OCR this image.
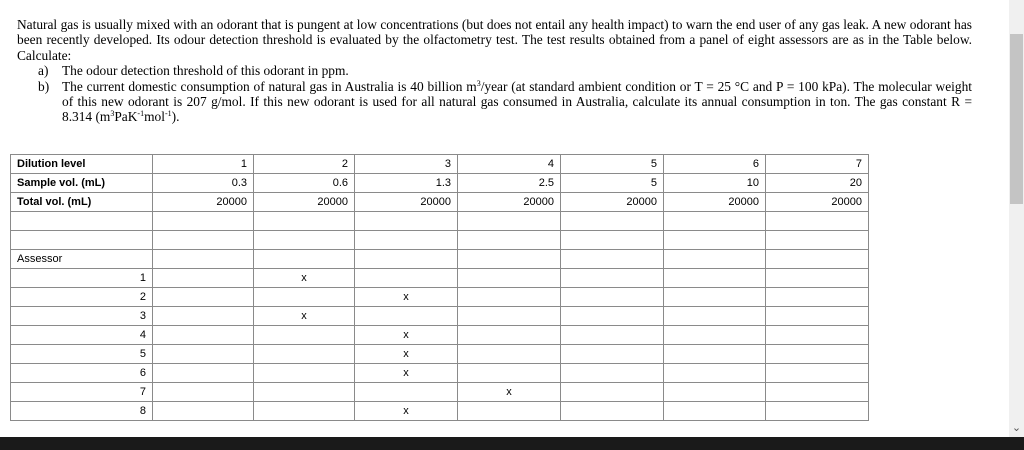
Natural gas is usually mixed with an odorant that is pungent at low concentrations (but does not entail any health impact) to warn the end user of any gas leak. A new odorant has been recently developed. Its odour detection threshold is evaluated by the olfactometry test. The test results obtained from a panel of eight assessors are as in the Table below. Calculate:

a)	The odour detection threshold of this odorant in ppm.
b) The current domestic consumption of natural gas in Australia is 40 billion $m^3$/year (at standard ambient condition or T = 25 °C and P = 100 kPa). The molecular weight of this new odorant is 207 g/mol. If this new odorant is used for all natural gas consumed in Australia, calculate its annual consumption in ton. The gas constant R = 8.314 $(m^3PaK^{-1}mol^{-1})$.
Dilution level	1	2	3	4	5	6	7
Sample vol. (mL)	0.3	0.6	1.3	2.5	5	10	20
Total vol. (mL)	20000	20000	20000	20000	20000	20000	20000

Assessor							
1		x					
2			x				
3		x					
4			x				
5			x				
6			x				
7				x			
8			x				
⌄
